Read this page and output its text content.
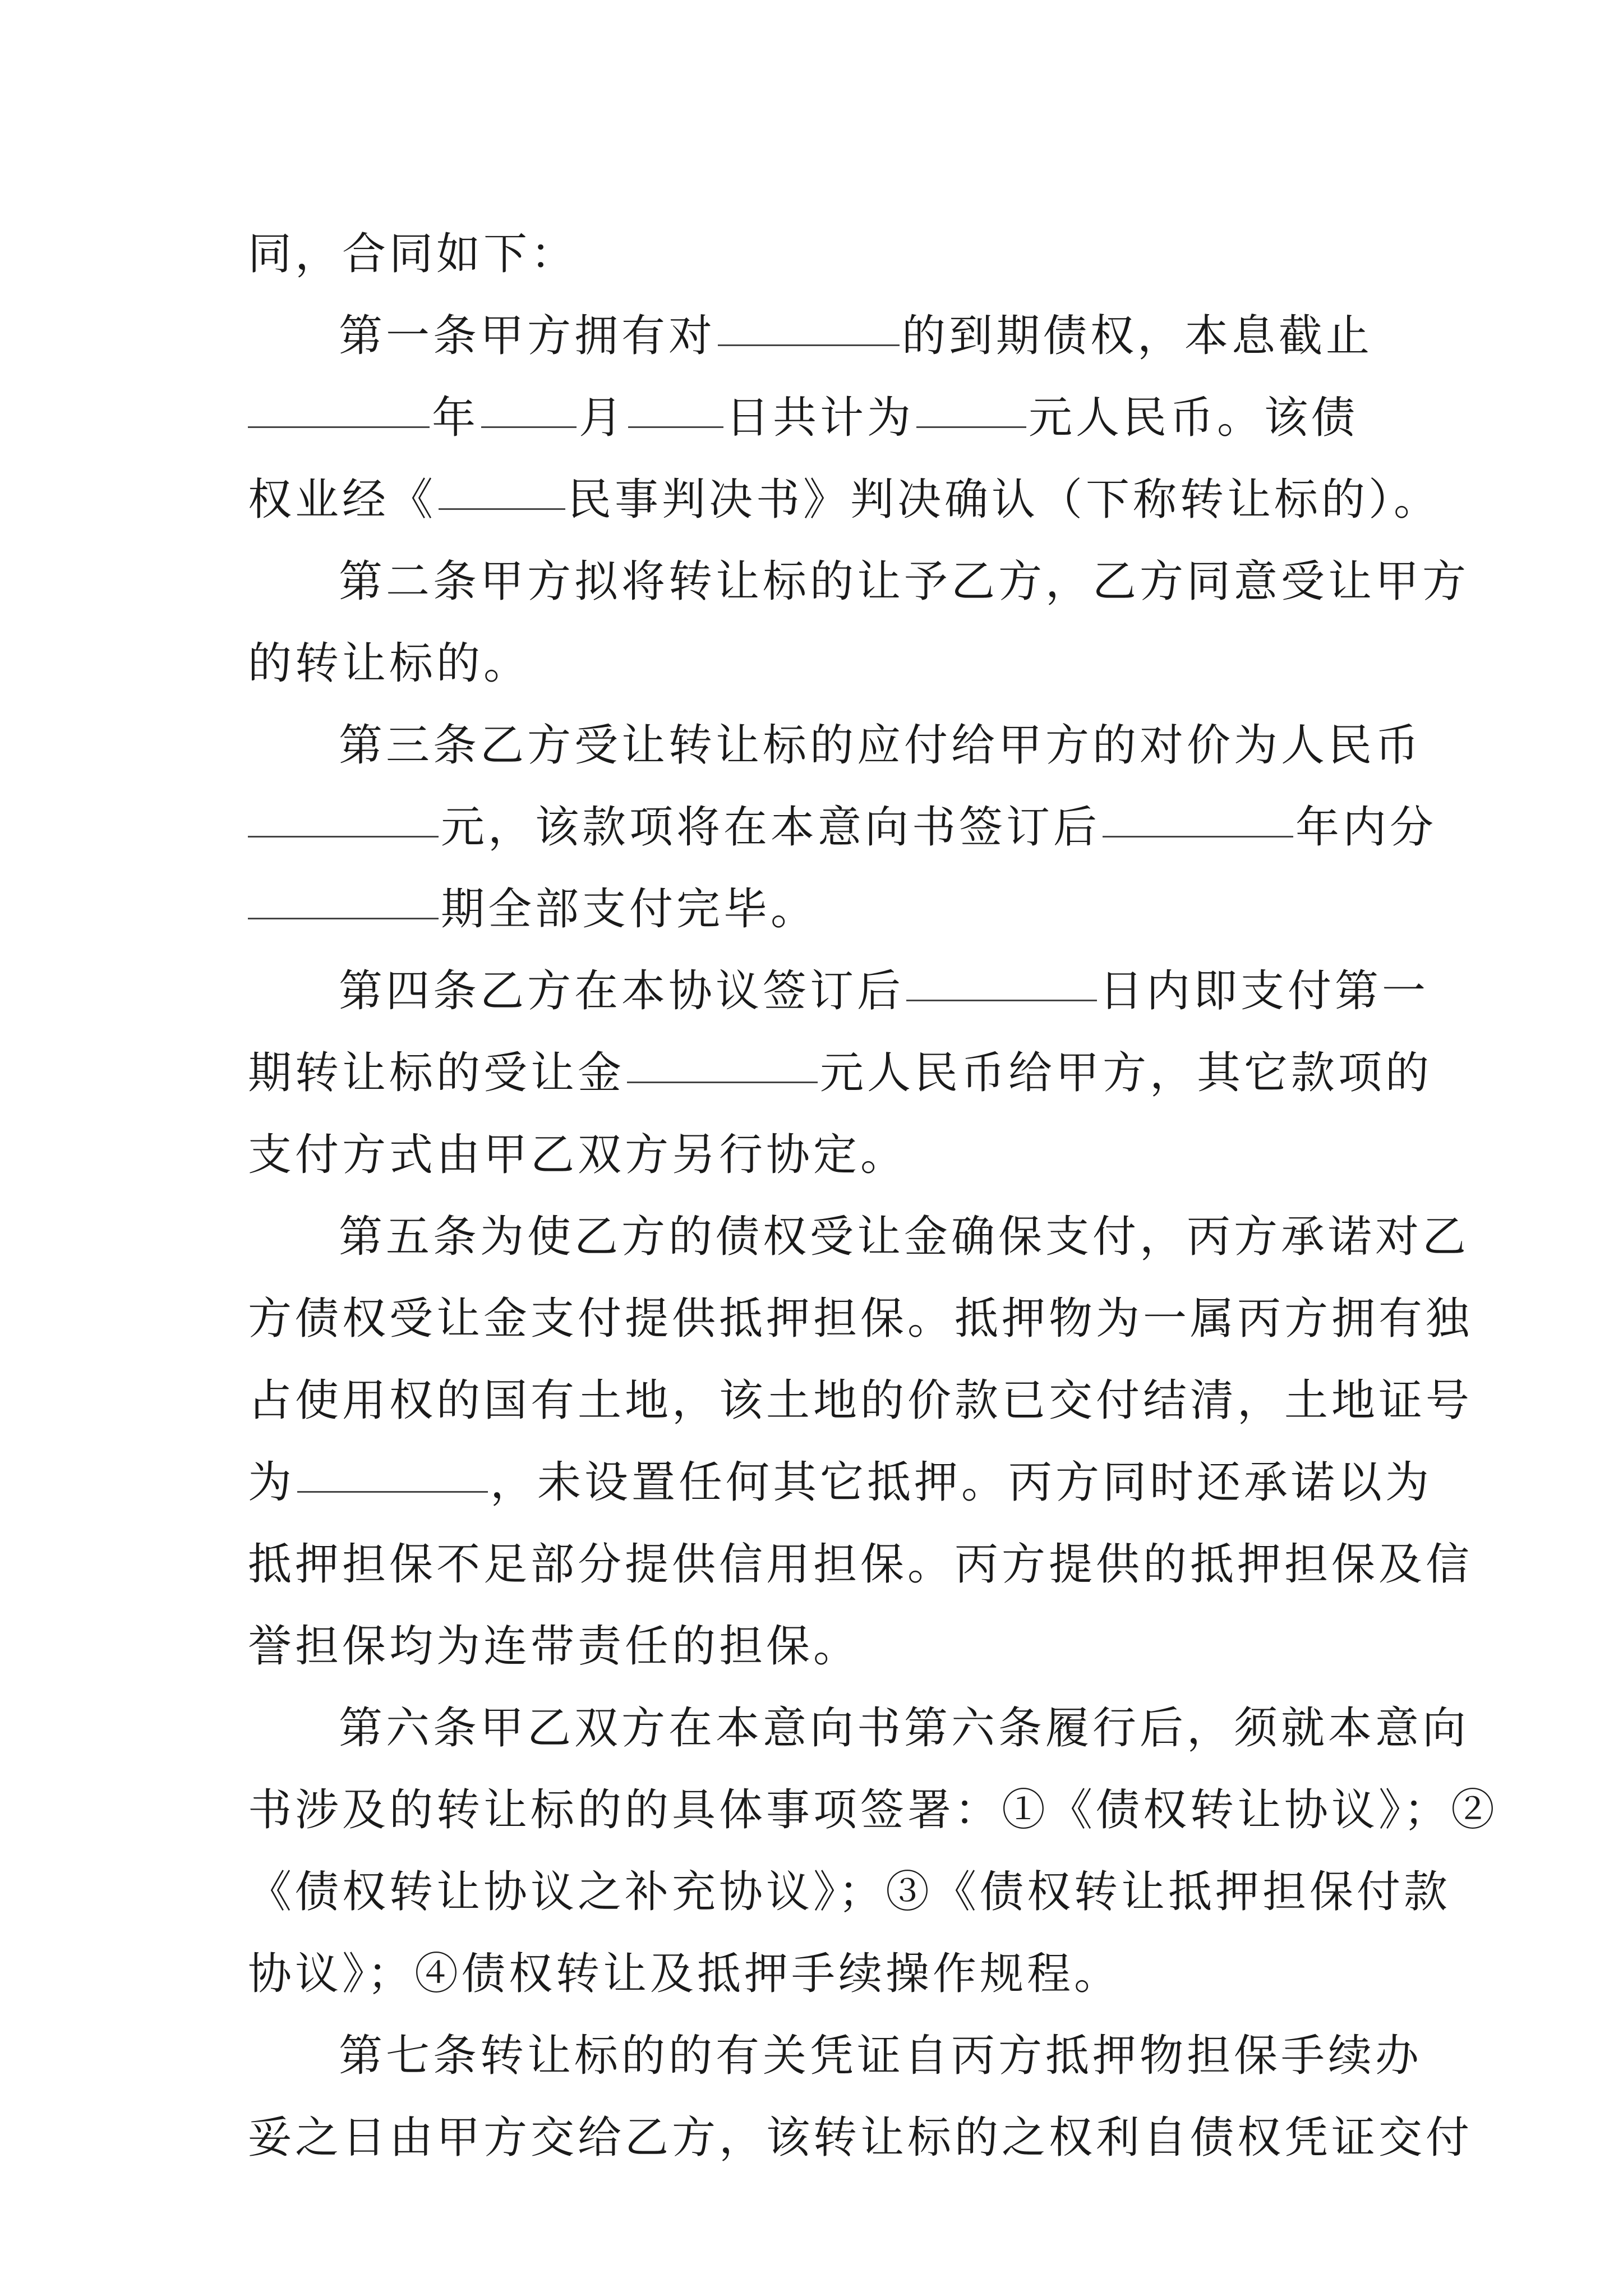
同，合同如下：
第一条甲方拥有对	的到期债权，本息截止
年 月 日共计为	元人民币。该债
权业经《	民事判决书》判决确认（下称转让标的）。
第二条甲方拟将转让标的让予乙方，乙方同意受让甲方
的转让标的。
第三条乙方受让转让标的应付给甲方的对价为人民币
元，该款项将在本意向书签订后	年内分
期全部支付完毕。
第四条乙方在本协议签订后	日内即支付第一
期转让标的受让金	元人民币给甲方，其它款项的
支付方式由甲乙双方另行协定。
第五条为使乙方的债权受让金确保支付，丙方承诺对乙
方债权受让金支付提供抵押担保。抵押物为一属丙方拥有独
占使用权的国有土地，该土地的价款已交付结清，土地证号
为	，未设置任何其它抵押。丙方同时还承诺以为
抵押担保不足部分提供信用担保。丙方提供的抵押担保及信
誉担保均为连带责任的担保。
第六条甲乙双方在本意向书第六条履行后，须就本意向
书涉及的转让标的的具体事项签署：①《债权转让协议》；②
《债权转让协议之补充协议》；③《债权转让抵押担保付款
协议》；④债权转让及抵押手续操作规程。
第七条转让标的的有关凭证自丙方抵押物担保手续办
妥之日由甲方交给乙方，该转让标的之权利自债权凭证交付
